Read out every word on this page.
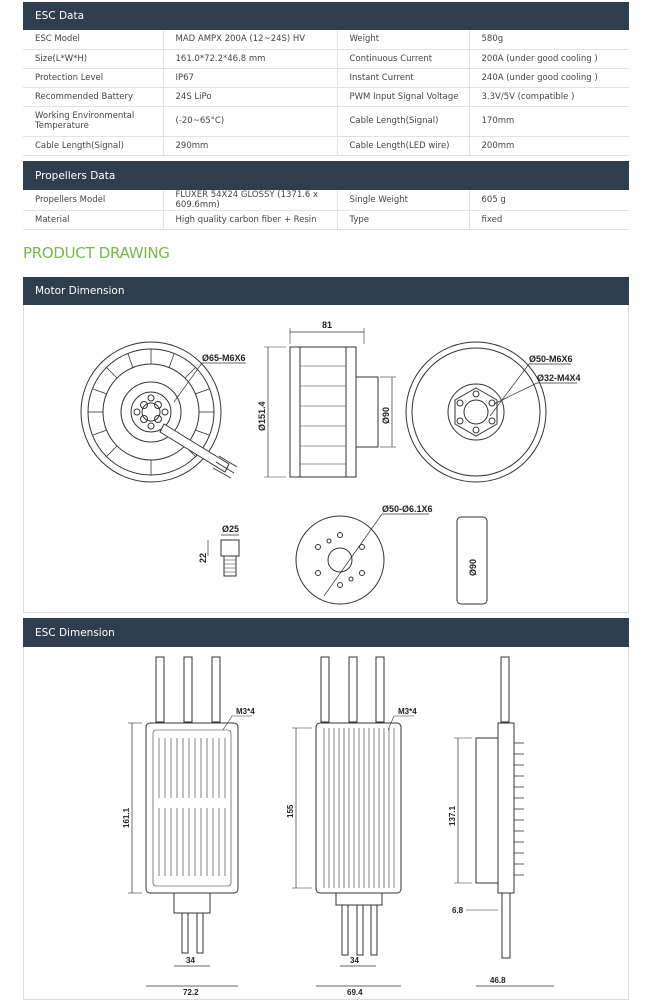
ESC Data
ESC Model	MAD AMPX 200A (12~24S) HV	Weight	580g
Size(L*W*H)	161.0*72.2*46.8 mm	Continuous Current	200A (under good cooling )
Protection Level	IP67	Instant Current	240A (under good cooling )
Recommended Battery	24S LiPo	PWM Input Signal Voltage	3.3V/5V (compatible )
Working Environmental Temperature	(-20~65°C)	Cable Length(Signal)	170mm
Cable Length(Signal)	290mm	Cable Length(LED wire)	200mm
Propellers Data
Propellers Model	FLUXER 54X24 GLOSSY (1371.6 x 609.6mm)	Single Weight	605 g
Material	High quality carbon fiber + Resin	Type	fixed
PRODUCT DRAWING
Motor Dimension
Ø65-M6X6
81
Ø151.4	Ø90
Ø50-M6X6
Ø32-M4X4
Ø25
22
Ø50-Ø6.1X6
Ø90
ESC Dimension
M3*4
161.1
34
72.2
M3*4
155
34
69.4
137.1
6.8
46.8
